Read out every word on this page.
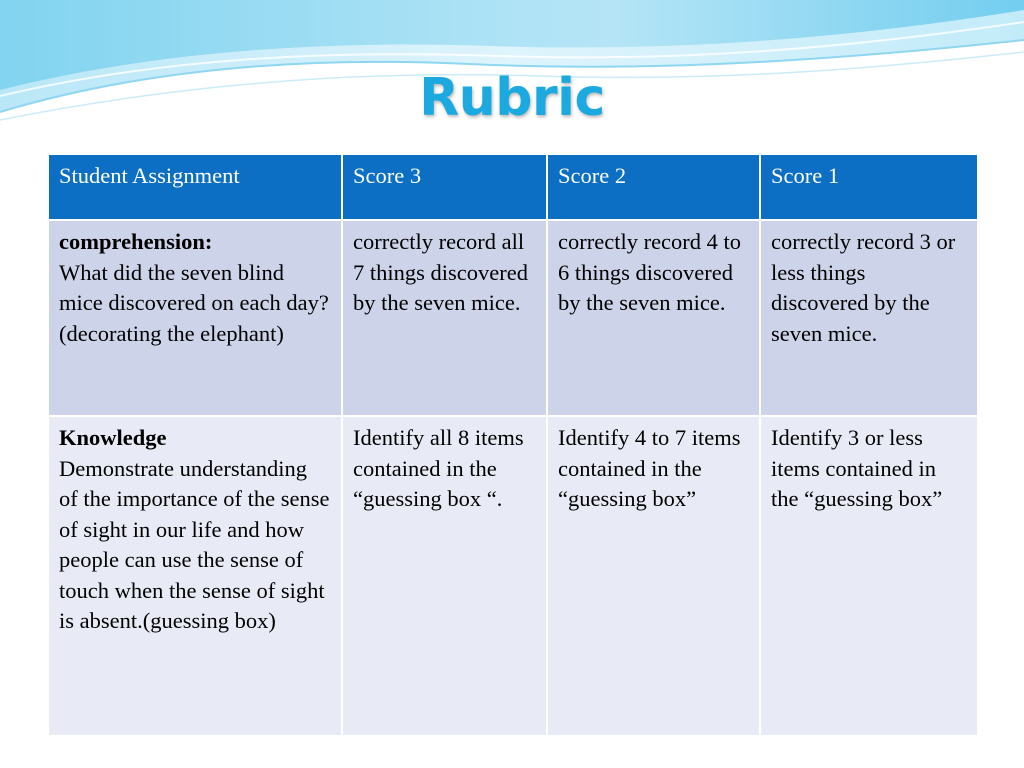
Rubric
Student Assignment	Score 3	Score 2	Score 1

comprehension:
What did the seven blind mice discovered on each day? (decorating the elephant)	correctly record all 7 things discovered by the seven mice.	correctly record 4 to 6 things discovered by the seven mice.	correctly record 3 or less things discovered by the seven mice.

Knowledge
Demonstrate understanding of the importance of the sense of sight in our life and how people can use the sense of touch when the sense of sight is absent.(guessing box)	Identify all 8 items contained in the “guessing box “.	Identify 4 to 7 items contained in the “guessing box”	Identify 3 or less items contained in the “guessing box”
